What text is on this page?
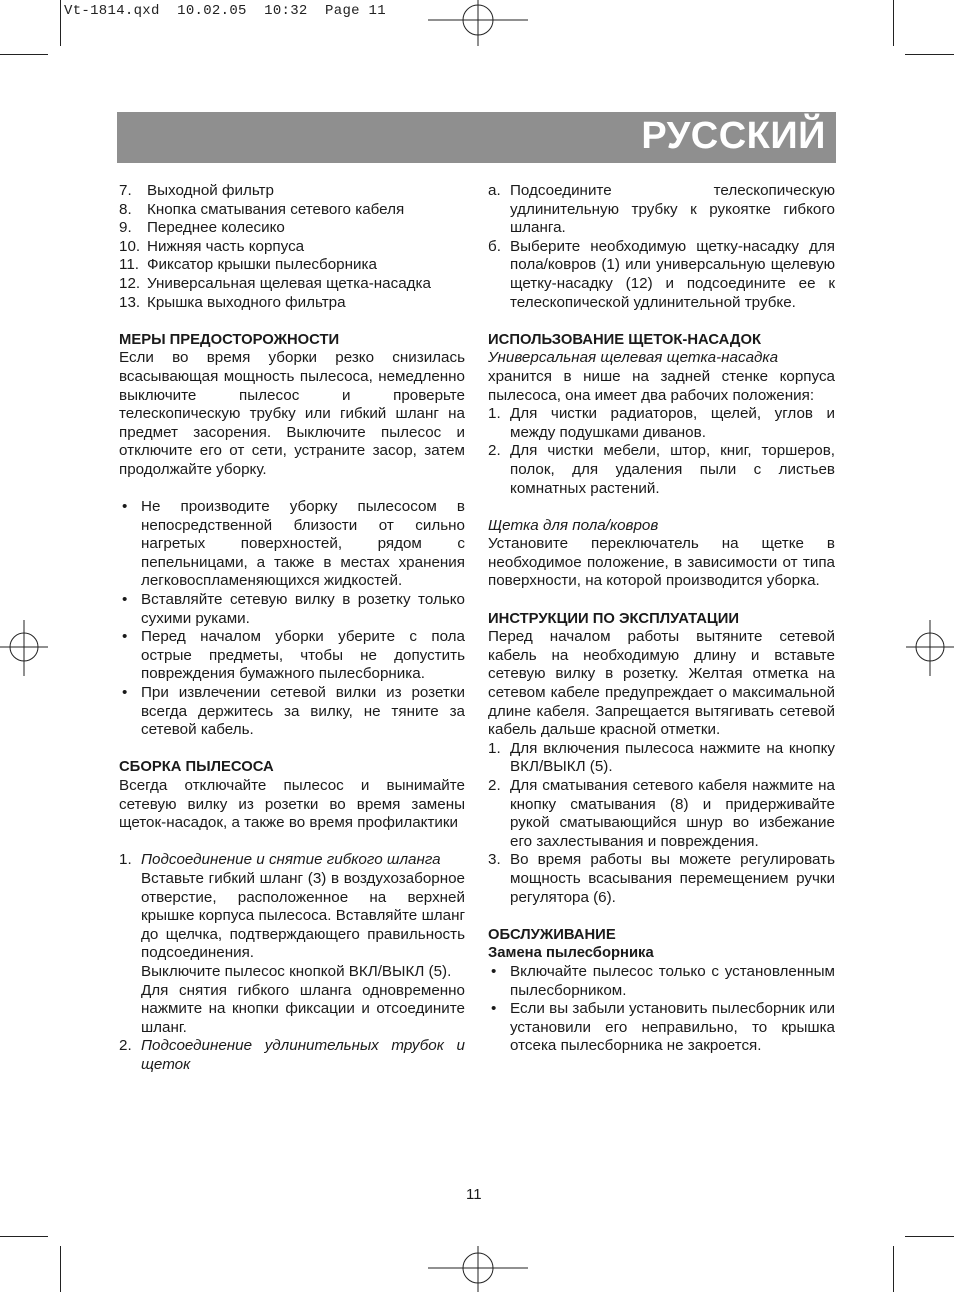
Vt-1814.qxd  10.02.05  10:32  Page 11
РУССКИЙ
7.	Выходной фильтр
8.	Кнопка сматывания сетевого кабеля
9.	Переднее колесико
10. Нижняя часть корпуса
11. Фиксатор крышки пылесборника
12. Универсальная щелевая щетка-насадка
13. Крышка выходного фильтра

МЕРЫ ПРЕДОСТОРОЖНОСТИ

Если во время уборки резко снизилась всасывающая мощность пылесоса, немедленно выключите пылесос и проверьте телескопическую трубку или гибкий шланг на предмет засорения. Выключите пылесос и отключите его от сети, устраните засор, затем продолжайте уборку.

• Не производите уборку пылесосом в непосредственной близости от сильно нагретых поверхностей, рядом с пепельницами, а также в местах хранения легковоспламеняющихся жидкостей.
• Вставляйте сетевую вилку в розетку только сухими руками.
• Перед началом уборки уберите с пола острые предметы, чтобы не допустить повреждения бумажного пылесборника.
• При извлечении сетевой вилки из розетки всегда держитесь за вилку, не тяните за сетевой кабель.

СБОРКА ПЫЛЕСОСА

Всегда отключайте пылесос и вынимайте сетевую вилку из розетки во время замены щеток-насадок, а также во время профилактики

1. Подсоединение и снятие гибкого шланга

Вставьте гибкий шланг (3) в воздухозаборное отверстие, расположенное на верхней крышке корпуса пылесоса. Вставляйте шланг до щелчка, подтверждающего правильность подсоединения.

Выключите пылесос кнопкой ВКЛ/ВЫКЛ (5).

Для снятия гибкого шланга одновременно нажмите на кнопки фиксации и отсоедините шланг.

2. Подсоединение удлинительных трубок и щеток
а. Подсоедините телескопическую удлинительную трубку к рукоятке гибкого шланга.
б. Выберите необходимую щетку-насадку для пола/ковров (1) или универсальную щелевую щетку-насадку (12) и подсоедините ее к телескопической удлинительной трубке.

ИСПОЛЬЗОВАНИЕ ЩЕТОК-НАСАДОК

Универсальная щелевая щетка-насадка

хранится в нише на задней стенке корпуса пылесоса, она имеет два рабочих положения:

1. Для чистки радиаторов, щелей, углов и между подушками диванов.
2. Для чистки мебели, штор, книг, торшеров, полок, для удаления пыли с листьев комнатных растений.

Щетка для пола/ковров

Установите переключатель на щетке в необходимое положение, в зависимости от типа поверхности, на которой производится уборка.

ИНСТРУКЦИИ ПО ЭКСПЛУАТАЦИИ

Перед началом работы вытяните сетевой кабель на необходимую длину и вставьте сетевую вилку в розетку. Желтая отметка на сетевом кабеле предупреждает о максимальной длине кабеля. Запрещается вытягивать сетевой кабель дальше красной отметки.

1. Для включения пылесоса нажмите на кнопку ВКЛ/ВЫКЛ (5).
2. Для сматывания сетевого кабеля нажмите на кнопку сматывания (8) и придерживайте рукой сматывающийся шнур во избежание его захлестывания и повреждения.
3. Во время работы вы можете регулировать мощность всасывания перемещением ручки регулятора (6).

ОБСЛУЖИВАНИЕ

Замена пылесборника

• Включайте пылесос только с установленным пылесборником.
• Если вы забыли установить пылесборник или установили его неправильно, то крышка отсека пылесборника не закроется.
11
